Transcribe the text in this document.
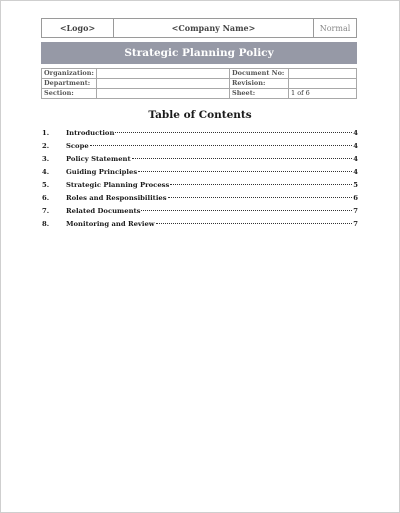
<Logo>	<Company Name>	Normal
Strategic Planning Policy
Organization:		Document No:	
Department:		Revision:	
Section:		Sheet:	1 of 6
Table of Contents
1.	Introduction	4
2.	Scope	4
3.	Policy Statement	4
4.	Guiding Principles	4
5.	Strategic Planning Process	5
6.	Roles and Responsibilities	6
7.	Related Documents	7
8.	Monitoring and Review	7
